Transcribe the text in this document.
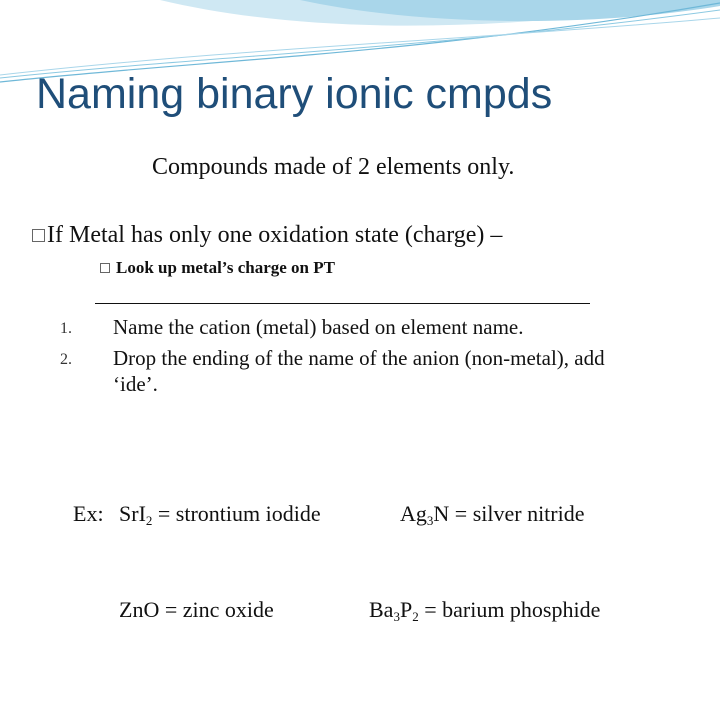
Naming binary ionic cmpds
Compounds made of 2 elements only.
If Metal has only one oxidation state (charge) –
Look up metal’s charge on PT
1. Name the cation (metal) based on element name.
2. Drop the ending of the name of the anion (non-metal), add ‘ide’.

Ex:

SrI$_2$ = strontium iodide

	$Ag_3N$ = silver nitride

ZnO = zinc oxide

	$Ba_3P_2$ = barium phosphide
